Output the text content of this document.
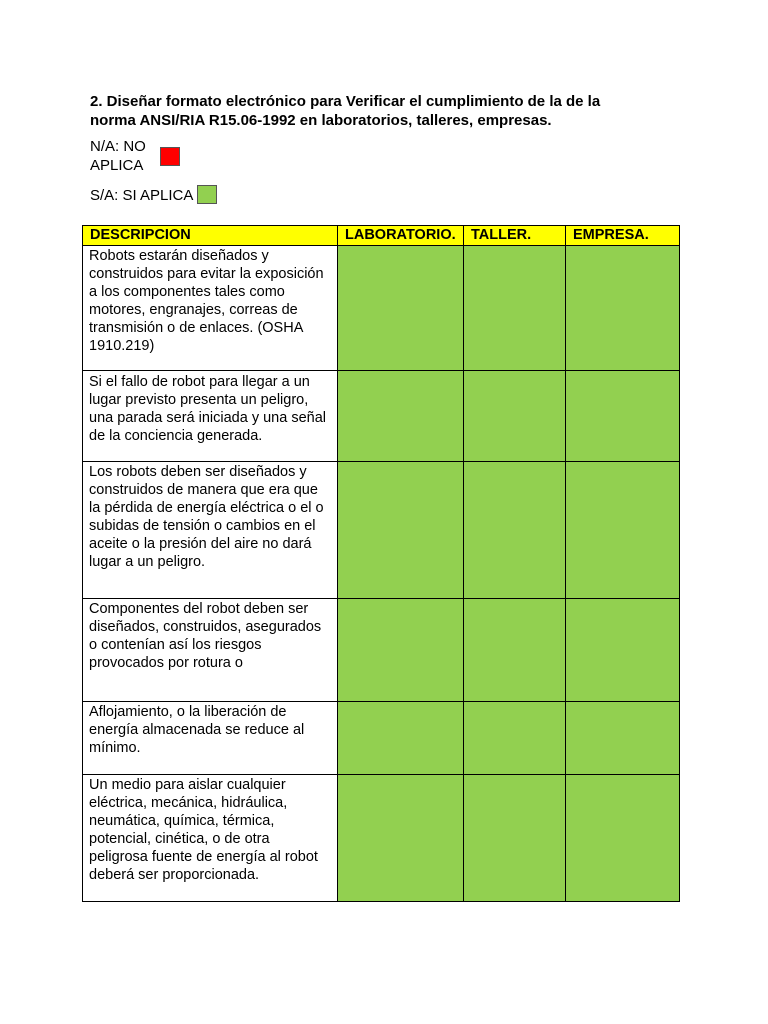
2. Diseñar formato electrónico para Verificar el cumplimiento de la de la norma ANSI/RIA R15.06-1992 en laboratorios, talleres, empresas.
N/A: NO APLICA
S/A: SI APLICA
DESCRIPCION	LABORATORIO.	TALLER.	EMPRESA.
Robots estarán diseñados y construidos para evitar la exposición a los componentes tales como motores, engranajes, correas de transmisión o de enlaces. (OSHA 1910.219)			
Si el fallo de robot para llegar a un lugar previsto presenta un peligro, una parada será iniciada y una señal de la conciencia generada.			
Los robots deben ser diseñados y construidos de manera que era que la pérdida de energía eléctrica o el o subidas de tensión o cambios en el aceite o la presión del aire no dará lugar a un peligro.			
Componentes del robot deben ser diseñados, construidos, asegurados o contenían así los riesgos provocados por rotura o			
Aflojamiento, o la liberación de energía almacenada se reduce al mínimo.			
Un medio para aislar cualquier eléctrica, mecánica, hidráulica, neumática, química, térmica, potencial, cinética, o de otra peligrosa fuente de energía al robot deberá ser proporcionada.			
